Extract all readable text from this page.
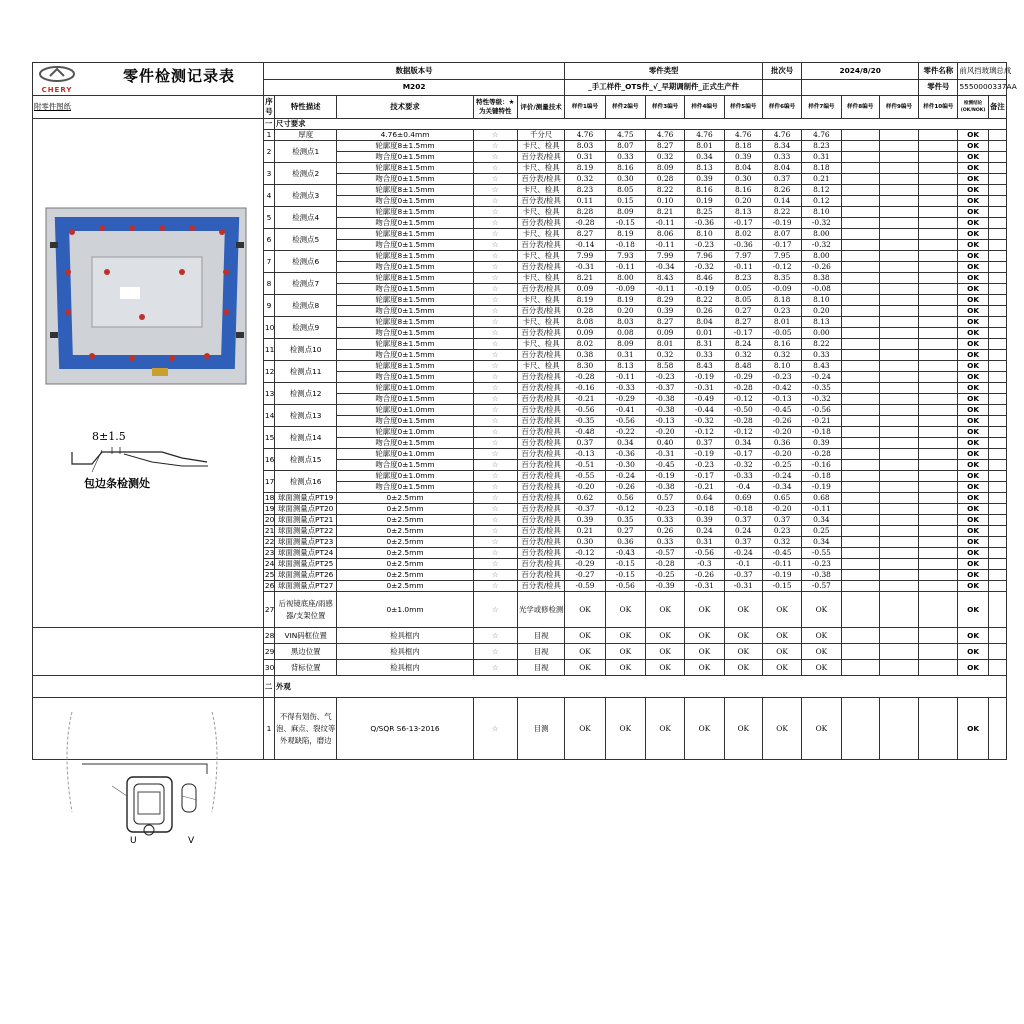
CHERY
零件检测记录表	数据版本号					零件类型					批次号	2024/8/20			零件名称	前风挡玻璃总成	
	M202					_手工样件_OTS件_√_早期调制件_正式生产件									零件号	5550000337AA	
附零件图纸	序号	特性描述	技术要求	特性等级：★为关键特性	评价/测量技术	样件1编号	样件2编号	样件3编号	样件4编号	样件5编号	样件6编号	样件7编号	样件8编号	样件9编号	样件10编号	检测结论(OK/NOK)	备注
	一	尺寸要求															
	1	厚度	4.76±0.4mm	☆	千分尺	4.76	4.75	4.76	4.76	4.76	4.76	4.76				OK	
	2	检测点1	轮廓度8±1.5mm	☆	卡尺、检具	8.03	8.07	8.27	8.01	8.18	8.34	8.23				OK	
			吻合度0±1.5mm	☆	百分表/检具	0.31	0.33	0.32	0.34	0.39	0.33	0.31				OK	
	3	检测点2	轮廓度8±1.5mm	☆	卡尺、检具	8.19	8.16	8.09	8.13	8.04	8.04	8.18				OK	
			吻合度0±1.5mm	☆	百分表/检具	0.32	0.30	0.28	0.39	0.30	0.37	0.21				OK	
	4	检测点3	轮廓度8±1.5mm	☆	卡尺、检具	8.23	8.05	8.22	8.16	8.16	8.26	8.12				OK	
			吻合度0±1.5mm	☆	百分表/检具	0.11	0.15	0.10	0.19	0.20	0.14	0.12				OK	
	5	检测点4	轮廓度8±1.5mm	☆	卡尺、检具	8.28	8.09	8.21	8.25	8.13	8.22	8.10				OK	
			吻合度0±1.5mm	☆	百分表/检具	-0.28	-0.15	-0.11	-0.36	-0.17	-0.19	-0.32				OK	
	6	检测点5	轮廓度8±1.5mm	☆	卡尺、检具	8.27	8.19	8.06	8.10	8.02	8.07	8.00				OK	
			吻合度0±1.5mm	☆	百分表/检具	-0.14	-0.18	-0.11	-0.23	-0.36	-0.17	-0.32				OK	
	7	检测点6	轮廓度8±1.5mm	☆	卡尺、检具	7.99	7.93	7.99	7.96	7.97	7.95	8.00				OK	
			吻合度0±1.5mm	☆	百分表/检具	-0.31	-0.11	-0.34	-0.32	-0.11	-0.12	-0.26				OK	
	8	检测点7	轮廓度8±1.5mm	☆	卡尺、检具	8.21	8.00	8.43	8.46	8.23	8.35	8.38				OK	
			吻合度0±1.5mm	☆	百分表/检具	0.09	-0.09	-0.11	-0.19	0.05	-0.09	-0.08				OK	
	9	检测点8	轮廓度8±1.5mm	☆	卡尺、检具	8.19	8.19	8.29	8.22	8.05	8.18	8.10				OK	
			吻合度0±1.5mm	☆	百分表/检具	0.28	0.20	0.39	0.26	0.27	0.23	0.20				OK	
	10	检测点9	轮廓度8±1.5mm	☆	卡尺、检具	8.08	8.03	8.27	8.04	8.27	8.01	8.13				OK	
			吻合度0±1.5mm	☆	百分表/检具	0.09	0.08	0.09	0.01	-0.17	-0.05	0.00				OK	
	11	检测点10	轮廓度8±1.5mm	☆	卡尺、检具	8.02	8.09	8.01	8.31	8.24	8.16	8.22				OK	
			吻合度0±1.5mm	☆	百分表/检具	0.38	0.31	0.32	0.33	0.32	0.32	0.33				OK	
	12	检测点11	轮廓度8±1.5mm	☆	卡尺、检具	8.30	8.13	8.58	8.43	8.48	8.10	8.43				OK	
			吻合度0±1.5mm	☆	百分表/检具	-0.28	-0.11	-0.23	-0.19	-0.29	-0.23	-0.24				OK	
	13	检测点12	轮廓度0±1.0mm	☆	百分表/检具	-0.16	-0.33	-0.37	-0.31	-0.28	-0.42	-0.35				OK	
			吻合度0±1.5mm	☆	百分表/检具	-0.21	-0.29	-0.38	-0.49	-0.12	-0.13	-0.32				OK	
	14	检测点13	轮廓度0±1.0mm	☆	百分表/检具	-0.56	-0.41	-0.38	-0.44	-0.50	-0.45	-0.56				OK	
			吻合度0±1.5mm	☆	百分表/检具	-0.35	-0.56	-0.13	-0.32	-0.28	-0.26	-0.21				OK	
	15	检测点14	轮廓度0±1.0mm	☆	百分表/检具	-0.48	-0.22	-0.20	-0.12	-0.12	-0.20	-0.18				OK	
			吻合度0±1.5mm	☆	百分表/检具	0.37	0.34	0.40	0.37	0.34	0.36	0.39				OK	
	16	检测点15	轮廓度0±1.0mm	☆	百分表/检具	-0.13	-0.36	-0.31	-0.19	-0.17	-0.20	-0.28				OK	
			吻合度0±1.5mm	☆	百分表/检具	-0.51	-0.30	-0.45	-0.23	-0.32	-0.25	-0.16				OK	
	17	检测点16	轮廓度0±1.0mm	☆	百分表/检具	-0.55	-0.24	-0.19	-0.17	-0.33	-0.24	-0.18				OK	
			吻合度0±1.5mm	☆	百分表/检具	-0.20	-0.26	-0.38	-0.21	-0.4	-0.34	-0.19				OK	
	18	球面测量点PT19	0±2.5mm	☆	百分表/检具	0.62	0.56	0.57	0.64	0.69	0.65	0.68				OK	
	19	球面测量点PT20	0±2.5mm	☆	百分表/检具	-0.37	-0.12	-0.23	-0.18	-0.18	-0.20	-0.11				OK	
	20	球面测量点PT21	0±2.5mm	☆	百分表/检具	0.39	0.35	0.33	0.39	0.37	0.37	0.34				OK	
	21	球面测量点PT22	0±2.5mm	☆	百分表/检具	0.21	0.27	0.26	0.24	0.24	0.23	0.25				OK	
	22	球面测量点PT23	0±2.5mm	☆	百分表/检具	0.30	0.36	0.33	0.31	0.37	0.32	0.34				OK	
	23	球面测量点PT24	0±2.5mm	☆	百分表/检具	-0.12	-0.43	-0.57	-0.56	-0.24	-0.45	-0.55				OK	
	24	球面测量点PT25	0±2.5mm	☆	百分表/检具	-0.29	-0.15	-0.28	-0.3	-0.1	-0.11	-0.23				OK	
	25	球面测量点PT26	0±2.5mm	☆	百分表/检具	-0.27	-0.15	-0.25	-0.26	-0.37	-0.19	-0.38				OK	
	26	球面测量点PT27	0±2.5mm	☆	百分表/检具	-0.59	-0.56	-0.39	-0.31	-0.31	-0.15	-0.57				OK	
	27	后视镜底座/雨感器/支架位置	0±1.0mm	☆	光学或修检测	OK	OK	OK	OK	OK	OK	OK				OK	
	28	VIN码框位置	检具框内	☆	目视	OK	OK	OK	OK	OK	OK	OK				OK	
	29	黑边位置	检具框内	☆	目视	OK	OK	OK	OK	OK	OK	OK				OK	
	30	背标位置	检具框内	☆	目视	OK	OK	OK	OK	OK	OK	OK				OK	
	二	外观															
	1	不得有划伤、气泡、麻点、裂纹等外观缺陷，磨边	Q/SQR S6-13-2016	☆	目测	OK	OK	OK	OK	OK	OK	OK				OK	
8±1.5
包边条检测处
U	V
